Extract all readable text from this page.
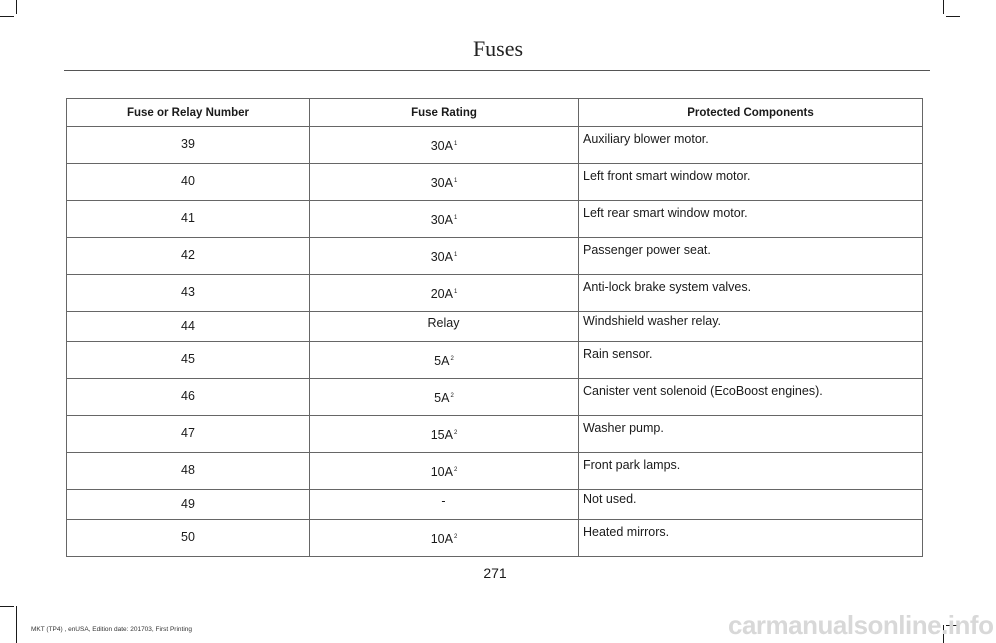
Fuses
Fuse or Relay Number	Fuse Rating	Protected Components
39	$30A^1$	Auxiliary blower motor.
40	$30A^1$	Left front smart window motor.
41	$30A^1$	Left rear smart window motor.
42	$30A^1$	Passenger power seat.
43	$20A^1$	Anti-lock brake system valves.
44	Relay	Windshield washer relay.
45	$5A^2$	Rain sensor.
46	$5A^2$	Canister vent solenoid (EcoBoost engines).
47	$15A^2$	Washer pump.
48	$10A^2$	Front park lamps.
49	-	Not used.
50	$10A^2$	Heated mirrors.
271
MKT (TP4) , enUSA, Edition date: 201703, First Printing	carmanualsonline.info
